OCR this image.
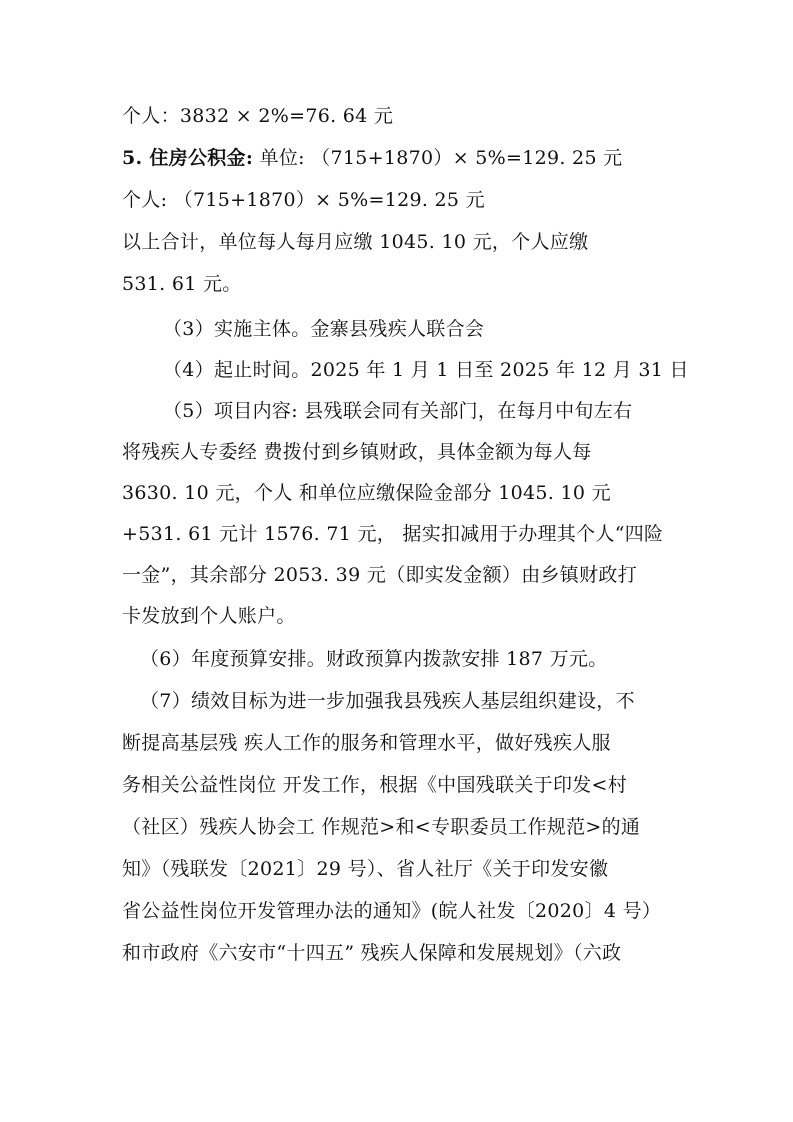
个人：3832 × 2%=76. 64 元
5. 住房公积金: 单位: （715+1870）× 5%=129. 25 元
个人: （715+1870）× 5%=129. 25 元
以上合计，单位每人每月应缴 1045. 10 元，个人应缴
531. 61 元。
（3）实施主体。金寨县残疾人联合会
（4）起止时间。2025 年 1 月 1 日至 2025 年 12 月 31 日
（5）项目内容: 县残联会同有关部门，在每月中旬左右
将残疾人专委经 费拨付到乡镇财政，具体金额为每人每
3630. 10 元，个人 和单位应缴保险金部分 1045. 10 元
+531. 61 元计 1576. 71 元， 据实扣减用于办理其个人“四险
一金”，其余部分 2053. 39 元（即实发金额）由乡镇财政打
卡发放到个人账户。
（6）年度预算安排。财政预算内拨款安排 187 万元。
（7）绩效目标为进一步加强我县残疾人基层组织建设，不
断提高基层残 疾人工作的服务和管理水平，做好残疾人服
务相关公益性岗位 开发工作，根据《中国残联关于印发<村
（社区）残疾人协会工 作规范>和<专职委员工作规范>的通
知》（残联发〔2021〕29 号）、省人社厅《关于印发安徽
省公益性岗位开发管理办法的通知》(皖人社发〔2020〕4 号）
和市政府《六安市“十四五” 残疾人保障和发展规划》（六政
